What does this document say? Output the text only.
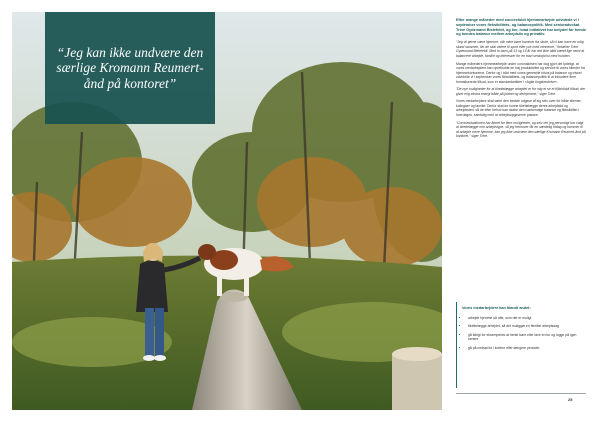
“Jeg kan ikke undvære den særlige Kromann Reumert-ånd på kontoret”

Efter mange måneder med succesfuldt hjemmearbejde udvidede vi i september vores fleksibilitets- og balancepolitik. Med senioradvokat Trine Gydemand Bielefeldt, og her, hvad initiativet har betydet for hende og hendes balance mellem arbejdsliv og privatliv.

"Jeg vil gerne være hjemme, når mine børn kommer fra skole, så vi kan have en rolig stund sammen, før de skal videre til sport eller yve med vennerne," fortæller Trine Gydemand Bielefeldt. Med to børn på 13 og 15 år har det ikke altid været lige nemt at balancere arbejde, familie og interesser for en travl seniorjurist med hunden.

Mange måneders hjemmearbejde under coronakrisen har dog gjort det tydeligt, at vores medarbejdere kan opretholde en høj produktivitet og service til vores klienter fra hjemmekontorerne. Derfor og i tråd med vores generelle fokus på balance og trivsel udvidede vi i september vores fleksibilitets- og balancepolitik til at inkludere flere formaliserede tilbud, som er standardartikler i «Agile ringsbeskrive».

"De nye muligheder for at tilrettelægge arbejdet er for mig et se et tillidsfuldt tilbud, der giver mig ekstra energi både på jobbet og derhjemme," siger Trine.

Vores medarbejdere skal være den bedste udgave af sig selv over for både klienter, kollegaer og familie. Derfor skal de kunne tilrettelægge deres arbejdstid og arbejdssted, så de efter behov kan skabe den nødvendige balance og fleksibilitet i hverdagen, samtidig med at arbejdsopgaverne passes.

"Coronasituationen har åbnet for flere muligheder, og selv om jeg personligt har valgt at tilrettelægge min arbejdstype, så jeg fremover får en særdelig fridag og kommer til at arbejde mere hjemme, kan jeg ikke undvære den særlige Kromann Reumert-ånd på kontoret," siger Trine.

Vores medarbejdere kan blandt andet:
• arbejde hjemme så ofte, som det er muligt
• tilrettelægge arbejdet, så det muliggør en flexibel arbejdsdag
• gå tidligt for eksempelvis at hente børn eller lave en tur og logge på igen senere
• gå på nedsat tid i kortere eller længere perioder.
25
